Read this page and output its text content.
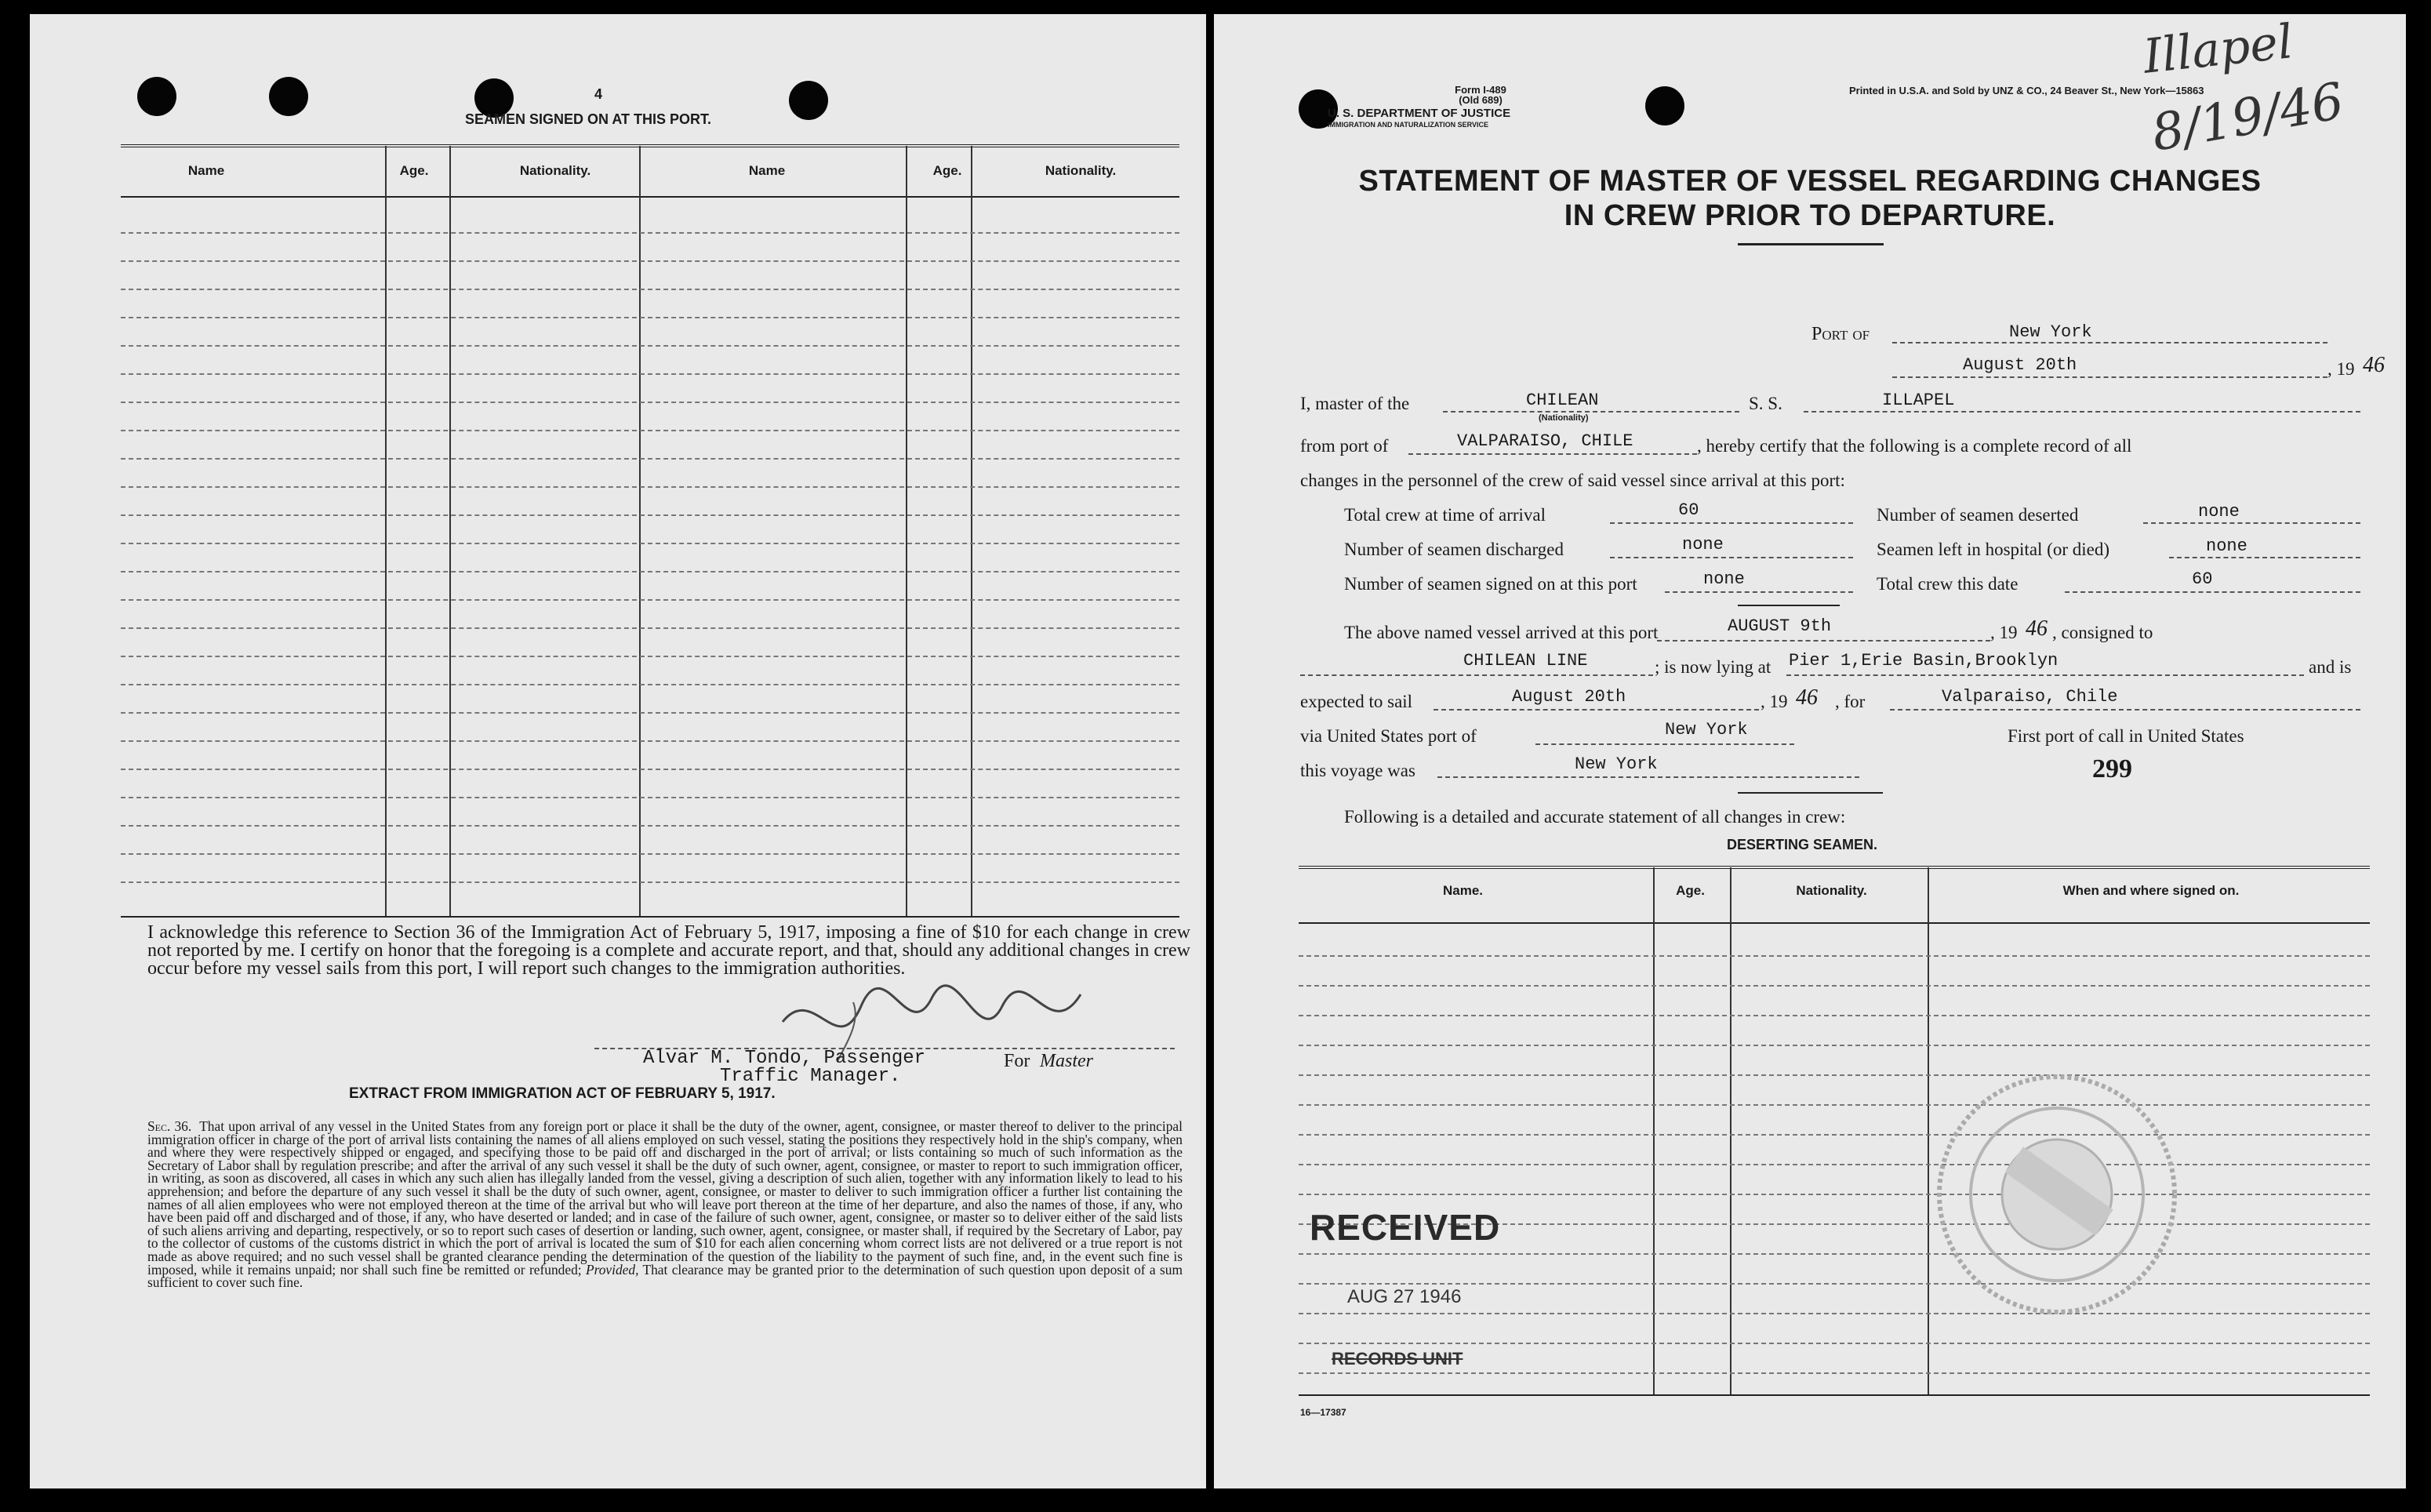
4
SEAMEN SIGNED ON AT THIS PORT.
Name	Age.	Nationality.	Name	Age.	Nationality.
I acknowledge this reference to Section 36 of the Immigration Act of February 5, 1917, imposing a fine of $10 for each change in crew not reported by me. I certify on honor that the foregoing is a complete and accurate report, and that, should any additional changes in crew occur before my vessel sails from this port, I will report such changes to the immigration authorities.
Alvar M. Tondo, Passenger
Traffic Manager.
For Master
EXTRACT FROM IMMIGRATION ACT OF FEBRUARY 5, 1917.
Sec. 36. That upon arrival of any vessel in the United States from any foreign port or place it shall be the duty of the owner, agent, consignee, or master thereof to deliver to the principal immigration officer in charge of the port of arrival lists containing the names of all aliens employed on such vessel, stating the positions they respectively hold in the ship's company, when and where they were respectively shipped or engaged, and specifying those to be paid off and discharged in the port of arrival; or lists containing so much of such information as the Secretary of Labor shall by regulation prescribe; and after the arrival of any such vessel it shall be the duty of such owner, agent, consignee, or master to report to such immigration officer, in writing, as soon as discovered, all cases in which any such alien has illegally landed from the vessel, giving a description of such alien, together with any information likely to lead to his apprehension; and before the departure of any such vessel it shall be the duty of such owner, agent, consignee, or master to deliver to such immigration officer a further list containing the names of all alien employees who were not employed thereon at the time of the arrival but who will leave port thereon at the time of her departure, and also the names of those, if any, who have been paid off and discharged and of those, if any, who have deserted or landed; and in case of the failure of such owner, agent, consignee, or master so to deliver either of the said lists of such aliens arriving and departing, respectively, or so to report such cases of desertion or landing, such owner, agent, consignee, or master shall, if required by the Secretary of Labor, pay to the collector of customs of the customs district in which the port of arrival is located the sum of $10 for each alien concerning whom correct lists are not delivered or a true report is not made as above required; and no such vessel shall be granted clearance pending the determination of the question of the liability to the payment of such fine, and, in the event such fine is imposed, while it remains unpaid; nor shall such fine be remitted or refunded; Provided, That clearance may be granted prior to the determination of such question upon deposit of a sum sufficient to cover such fine.
Form I-489
(Old 689)
U. S. DEPARTMENT OF JUSTICE
IMMIGRATION AND NATURALIZATION SERVICE
Printed in U.S.A. and Sold by UNZ & CO., 24 Beaver St., New York—15863
Illapel
8/19/46
STATEMENT OF MASTER OF VESSEL REGARDING CHANGES
IN CREW PRIOR TO DEPARTURE.
Port of	New York
August 20th	, 19 46
I, master of the	CHILEAN
(Nationality)
S. S.	ILLAPEL
from port of	VALPARAISO, CHILE	, hereby certify that the following is a complete record of all
changes in the personnel of the crew of said vessel since arrival at this port:
Total crew at time of arrival	60	Number of seamen deserted	none
Number of seamen discharged	none	Seamen left in hospital (or died)	none
Number of seamen signed on at this port	none	Total crew this date	60
The above named vessel arrived at this port	AUGUST 9th	, 19 46 , consigned to
CHILEAN LINE	; is now lying at Pier 1,Erie Basin,Brooklyn	and is
expected to sail	August 20th	, 19 46 , for	Valparaiso, Chile
via United States port of	New York	First port of call in United States
this voyage was	New York	299
Following is a detailed and accurate statement of all changes in crew:
DESERTING SEAMEN.
Name.	Age.	Nationality.	When and where signed on.
RECEIVED
AUG 27 1946
RECORDS UNIT
16—17387
